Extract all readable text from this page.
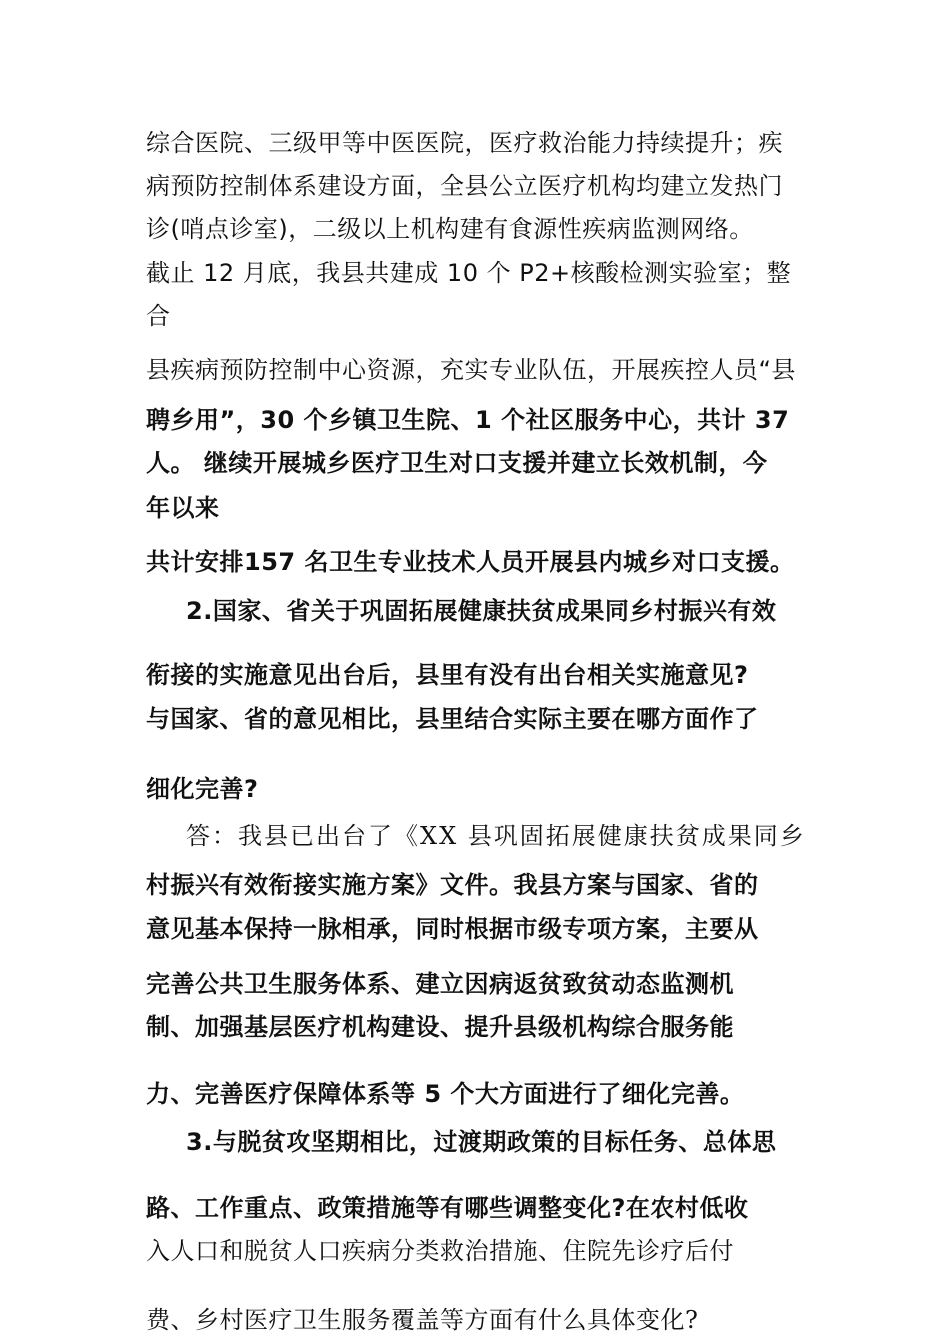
综合医院、三级甲等中医医院，医疗救治能力持续提升；疾
病预防控制体系建设方面，全县公立医疗机构均建立发热门
诊(哨点诊室)，二级以上机构建有食源性疾病监测网络。
截止 12 月底，我县共建成 10 个 P2+核酸检测实验室；整
合
县疾病预防控制中心资源，充实专业队伍，开展疾控人员“县
聘乡用”，30 个乡镇卫生院、1 个社区服务中心，共计 37
人。 继续开展城乡医疗卫生对口支援并建立长效机制，今
年以来
共计安排157 名卫生专业技术人员开展县内城乡对口支援。
2.国家、省关于巩固拓展健康扶贫成果同乡村振兴有效
衔接的实施意见出台后，县里有没有出台相关实施意见?
与国家、省的意见相比，县里结合实际主要在哪方面作了
细化完善?
答：我县已出台了《XX 县巩固拓展健康扶贫成果同乡
村振兴有效衔接实施方案》文件。我县方案与国家、省的
意见基本保持一脉相承，同时根据市级专项方案，主要从
完善公共卫生服务体系、建立因病返贫致贫动态监测机
制、加强基层医疗机构建设、提升县级机构综合服务能
力、完善医疗保障体系等 5 个大方面进行了细化完善。
3.与脱贫攻坚期相比，过渡期政策的目标任务、总体思
路、工作重点、政策措施等有哪些调整变化?在农村低收
入人口和脱贫人口疾病分类救治措施、住院先诊疗后付
费、乡村医疗卫生服务覆盖等方面有什么具体变化?
